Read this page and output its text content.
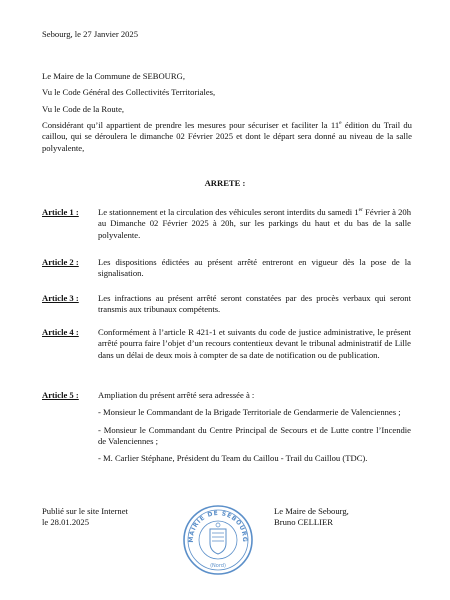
Sebourg, le 27 Janvier 2025

Le Maire de la Commune de SEBOURG,

Vu le Code Général des Collectivités Territoriales,

Vu le Code de la Route,

Considérant qu’il appartient de prendre les mesures pour sécuriser et faciliter la 11e édition du Trail du caillou, qui se déroulera le dimanche 02 Février 2025 et dont le départ sera donné au niveau de la salle polyvalente,

ARRETE :
Article 1 : Le stationnement et la circulation des véhicules seront interdits du samedi 1er Février à 20h au Dimanche 02 Février 2025 à 20h, sur les parkings du haut et du bas de la salle polyvalente.

Article 2 : Les dispositions édictées au présent arrêté entreront en vigueur dès la pose de la signalisation.

Article 3 : Les infractions au présent arrêté seront constatées par des procès verbaux qui seront transmis aux tribunaux compétents.

Article 4 : Conformément à l’article R 421-1 et suivants du code de justice administrative, le présent arrêté pourra faire l’objet d’un recours contentieux devant le tribunal administratif de Lille dans un délai de deux mois à compter de sa date de notification ou de publication.

Article 5 : Ampliation du présent arrêté sera adressée à :

- Monsieur le Commandant de la Brigade Territoriale de Gendarmerie de Valenciennes ;

- Monsieur le Commandant du Centre Principal de Secours et de Lutte contre l’Incendie de Valenciennes ;

- M. Carlier Stéphane, Président du Team du Caillou - Trail du Caillou (TDC).

Publié sur le site Internet
le 28.01.2025
MAIRIE DE SEBOURG
(Nord)
Le Maire de Sebourg,
Bruno CELLIER
